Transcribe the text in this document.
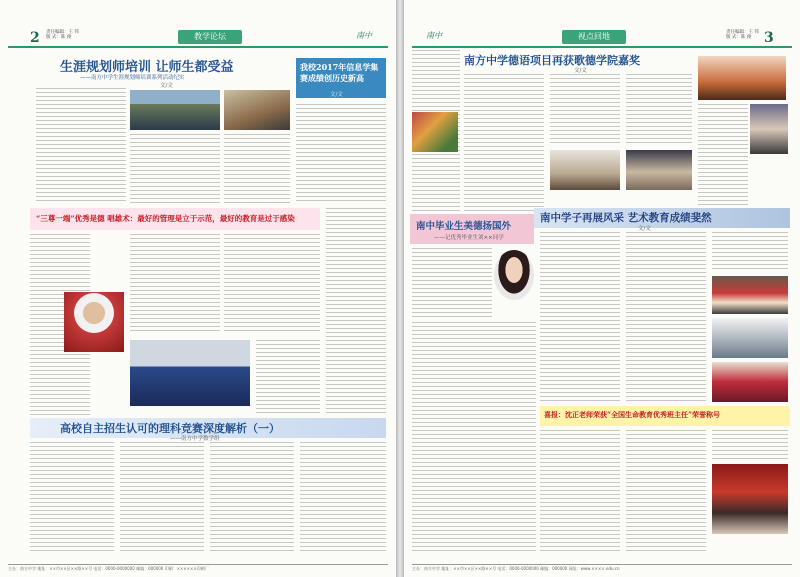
2 责任编辑：王 伟
版 式：陈 俊	教学论坛	南中
生涯规划师培训 让师生都受益
——南方中学生涯规划师培训系列活动纪实
文/文
我校2017年信息学集赛成绩创历史新高
文/文
“三尊一端”优秀是德 唱雄术：最好的管理是立于示范，最好的教育是过于感染
高校自主招生认可的理科竞赛深度解析（一）
——南方中学数学组
主办：南方中学 地址：××市××区××路××号 电话：0000-0000000 邮编：000000 印刷：××××××印刷厂
南中	视点回地	责任编辑：王 伟
版 式：陈 俊 3
南方中学德语项目再获歌德学院嘉奖
文/文
南中毕业生美德扬国外
——记优秀毕业生刘××同学
南中学子再展风采 艺术教育成绩斐然
文/文
喜报：沈正老师荣获“全国生命教育优秀班主任”荣誉称号
主办：南方中学 地址：××市××区××路××号 电话：0000-0000000 邮编：000000 网址：www.××××.edu.cn
